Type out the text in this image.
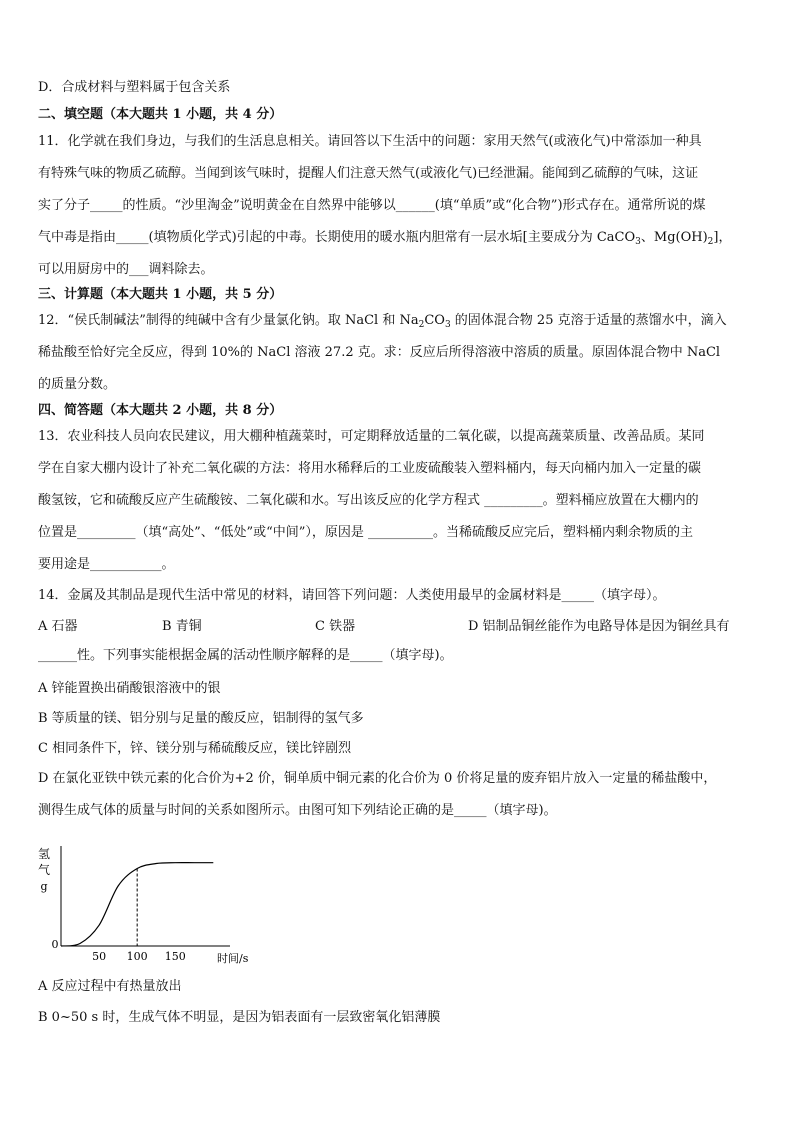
D．合成材料与塑料属于包含关系
二、填空题（本大题共 1 小题，共 4 分）
11．化学就在我们身边，与我们的生活息息相关。请回答以下生活中的问题：家用天然气(或液化气)中常添加一种具
有特殊气味的物质乙硫醇。当闻到该气味时，提醒人们注意天然气(或液化气)已经泄漏。能闻到乙硫醇的气味，这证
实了分子_____的性质。“沙里淘金”说明黄金在自然界中能够以______(填“单质”或“化合物”)形式存在。通常所说的煤
气中毒是指由_____(填物质化学式)引起的中毒。长期使用的暖水瓶内胆常有一层水垢[主要成分为 CaCO$_3$、$Mg(OH)_2$]，
可以用厨房中的___调料除去。
三、计算题（本大题共 1 小题，共 5 分）
12．“侯氏制碱法”制得的纯碱中含有少量氯化钠。取 NaCl 和 $Na_2CO_3$ 的固体混合物 25 克溶于适量的蒸馏水中，滴入
稀盐酸至恰好完全反应，得到 10%的 NaCl 溶液 27.2 克。求：反应后所得溶液中溶质的质量。原固体混合物中 NaCl
的质量分数。
四、简答题（本大题共 2 小题，共 8 分）
13．农业科技人员向农民建议，用大棚种植蔬菜时，可定期释放适量的二氧化碳，以提高蔬菜质量、改善品质。某同
学在自家大棚内设计了补充二氧化碳的方法：将用水稀释后的工业废硫酸装入塑料桶内，每天向桶内加入一定量的碳
酸氢铵，它和硫酸反应产生硫酸铵、二氧化碳和水。写出该反应的化学方程式 _________。塑料桶应放置在大棚内的
位置是_________（填“高处”、“低处”或“中间”），原因是 __________。当稀硫酸反应完后，塑料桶内剩余物质的主
要用途是___________。
14．金属及其制品是现代生活中常见的材料，请回答下列问题：人类使用最早的金属材料是_____（填字母）。
A 石器	B 青铜	C 铁器	D 铝制品铜丝能作为电路导体是因为铜丝具有
______性。下列事实能根据金属的活动性顺序解释的是_____（填字母)。
A 锌能置换出硝酸银溶液中的银
B 等质量的镁、铝分别与足量的酸反应，铝制得的氢气多
C 相同条件下，锌、镁分别与稀硫酸反应，镁比锌剧烈
D 在氯化亚铁中铁元素的化合价为+2 价，铜单质中铜元素的化合价为 0 价将足量的废弃铝片放入一定量的稀盐酸中，
测得生成气体的质量与时间的关系如图所示。由图可知下列结论正确的是_____（填字母)。
氢
气
g
时间/s
0
50 100 150
A 反应过程中有热量放出
B 0~50 s 时，生成气体不明显，是因为铝表面有一层致密氧化铝薄膜
